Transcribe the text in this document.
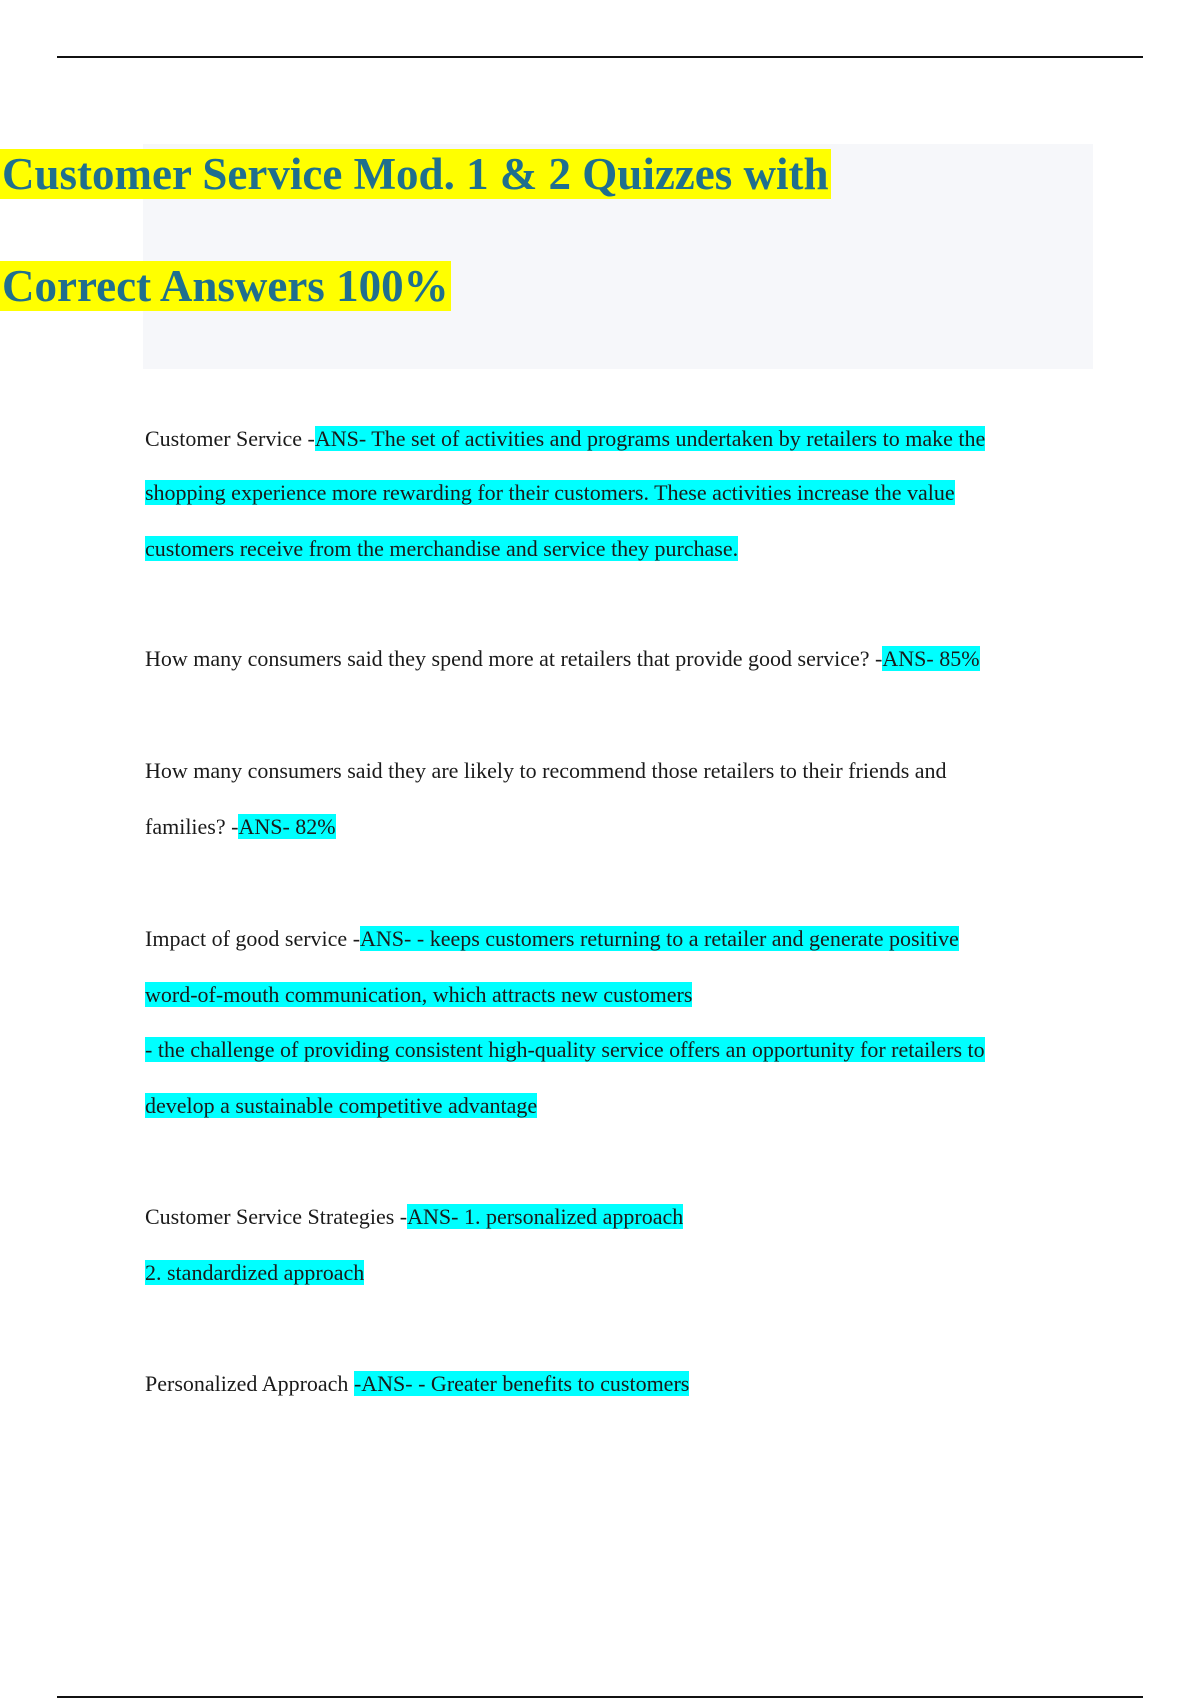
Customer Service Mod. 1 & 2 Quizzes with
Correct Answers 100%
Customer Service -ANS- The set of activities and programs undertaken by retailers to make the
shopping experience more rewarding for their customers. These activities increase the value
customers receive from the merchandise and service they purchase.
How many consumers said they spend more at retailers that provide good service? -ANS- 85%
How many consumers said they are likely to recommend those retailers to their friends and
families? -ANS- 82%
Impact of good service -ANS- - keeps customers returning to a retailer and generate positive
word-of-mouth communication, which attracts new customers
- the challenge of providing consistent high-quality service offers an opportunity for retailers to
develop a sustainable competitive advantage
Customer Service Strategies -ANS- 1. personalized approach
2. standardized approach
Personalized Approach -ANS- - Greater benefits to customers
